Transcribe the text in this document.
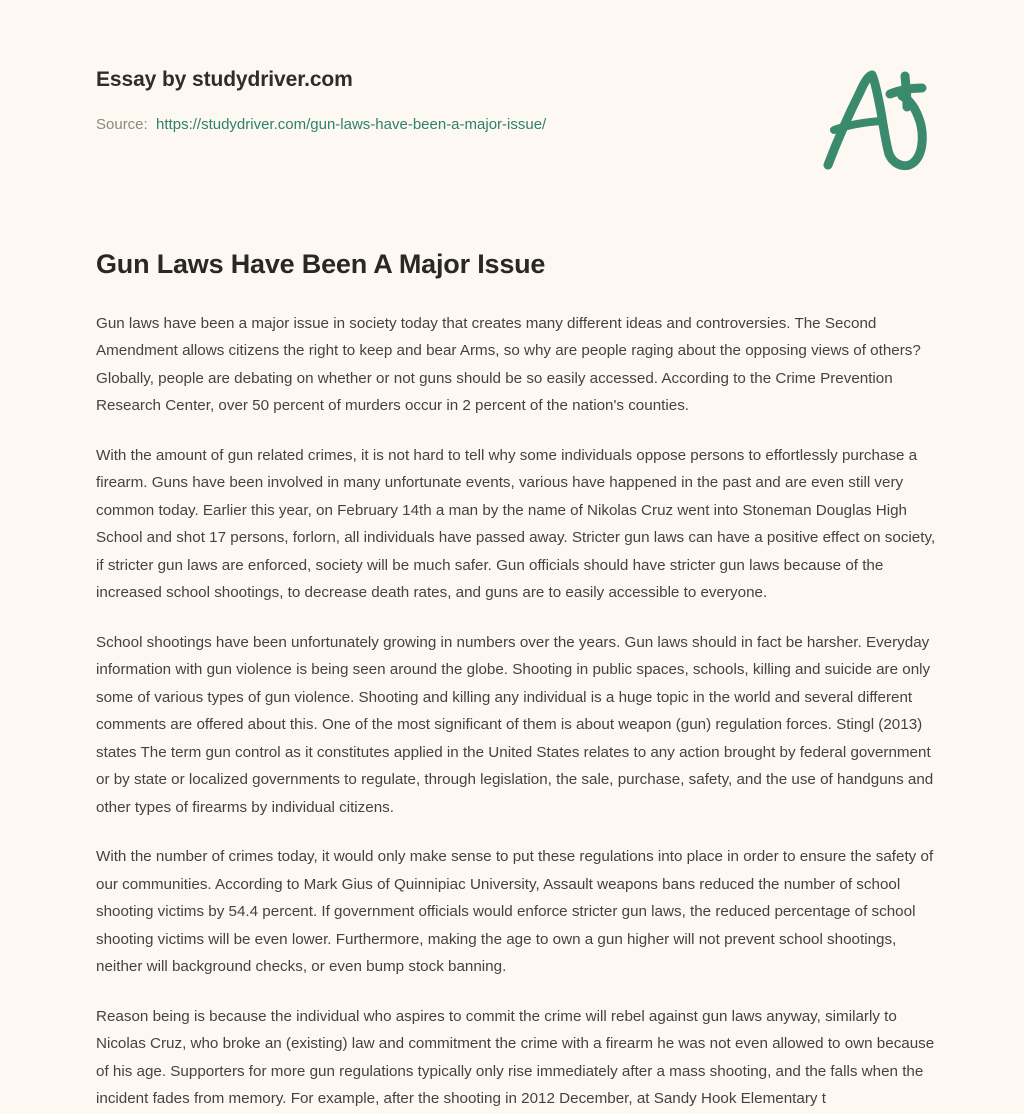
Essay by studydriver.com
Source: https://studydriver.com/gun-laws-have-been-a-major-issue/
Gun Laws Have Been A Major Issue

Gun laws have been a major issue in society today that creates many different ideas and controversies. The Second Amendment allows citizens the right to keep and bear Arms, so why are people raging about the opposing views of others? Globally, people are debating on whether or not guns should be so easily accessed. According to the Crime Prevention Research Center, over 50 percent of murders occur in 2 percent of the nation's counties.

With the amount of gun related crimes, it is not hard to tell why some individuals oppose persons to effortlessly purchase a firearm. Guns have been involved in many unfortunate events, various have happened in the past and are even still very common today. Earlier this year, on February 14th a man by the name of Nikolas Cruz went into Stoneman Douglas High School and shot 17 persons, forlorn, all individuals have passed away. Stricter gun laws can have a positive effect on society, if stricter gun laws are enforced, society will be much safer. Gun officials should have stricter gun laws because of the increased school shootings, to decrease death rates, and guns are to easily accessible to everyone.

School shootings have been unfortunately growing in numbers over the years. Gun laws should in fact be harsher. Everyday information with gun violence is being seen around the globe. Shooting in public spaces, schools, killing and suicide are only some of various types of gun violence. Shooting and killing any individual is a huge topic in the world and several different comments are offered about this. One of the most significant of them is about weapon (gun) regulation forces. Stingl (2013) states The term gun control as it constitutes applied in the United States relates to any action brought by federal government or by state or localized governments to regulate, through legislation, the sale, purchase, safety, and the use of handguns and other types of firearms by individual citizens.

With the number of crimes today, it would only make sense to put these regulations into place in order to ensure the safety of our communities. According to Mark Gius of Quinnipiac University, Assault weapons bans reduced the number of school shooting victims by 54.4 percent. If government officials would enforce stricter gun laws, the reduced percentage of school shooting victims will be even lower. Furthermore, making the age to own a gun higher will not prevent school shootings, neither will background checks, or even bump stock banning.

Reason being is because the individual who aspires to commit the crime will rebel against gun laws anyway, similarly to Nicolas Cruz, who broke an (existing) law and commitment the crime with a firearm he was not even allowed to own because of his age. Supporters for more gun regulations typically only rise immediately after a mass shooting, and the falls when the incident fades from memory. For example, after the shooting in 2012 December, at Sandy Hook Elementary t
